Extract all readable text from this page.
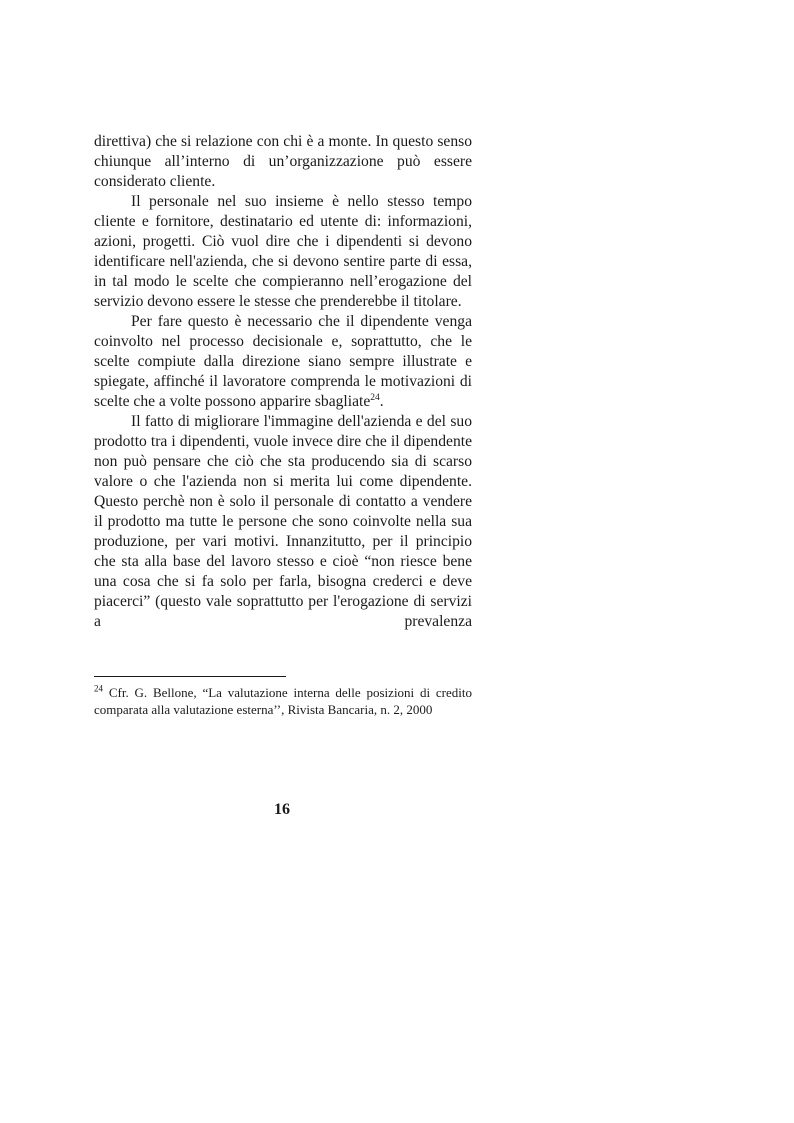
direttiva) che si relazione con chi è a monte. In questo senso chiunque all’interno di un’organizzazione può essere considerato cliente.

Il personale nel suo insieme è nello stesso tempo cliente e fornitore, destinatario ed utente di: informazioni, azioni, progetti. Ciò vuol dire che i dipendenti si devono identificare nell'azienda, che si devono sentire parte di essa, in tal modo le scelte che compieranno nell’erogazione del servizio devono essere le stesse che prenderebbe il titolare.

Per fare questo è necessario che il dipendente venga coinvolto nel processo decisionale e, soprattutto, che le scelte compiute dalla direzione siano sempre illustrate e spiegate, affinché il lavoratore comprenda le motivazioni di scelte che a volte possono apparire sbagliate$^{24}$.

Il fatto di migliorare l'immagine dell'azienda e del suo prodotto tra i dipendenti, vuole invece dire che il dipendente non può pensare che ciò che sta producendo sia di scarso valore o che l'azienda non si merita lui come dipendente. Questo perchè non è solo il personale di contatto a vendere il prodotto ma tutte le persone che sono coinvolte nella sua produzione, per vari motivi. Innanzitutto, per il principio che sta alla base del lavoro stesso e cioè “non riesce bene una cosa che si fa solo per farla, bisogna crederci e deve piacerci” (questo vale soprattutto per l'erogazione di servizi a prevalenza

$^{24}$ Cfr. G. Bellone, “La valutazione interna delle posizioni di credito comparata alla valutazione esterna’’, Rivista Bancaria, n. 2, 2000
16
